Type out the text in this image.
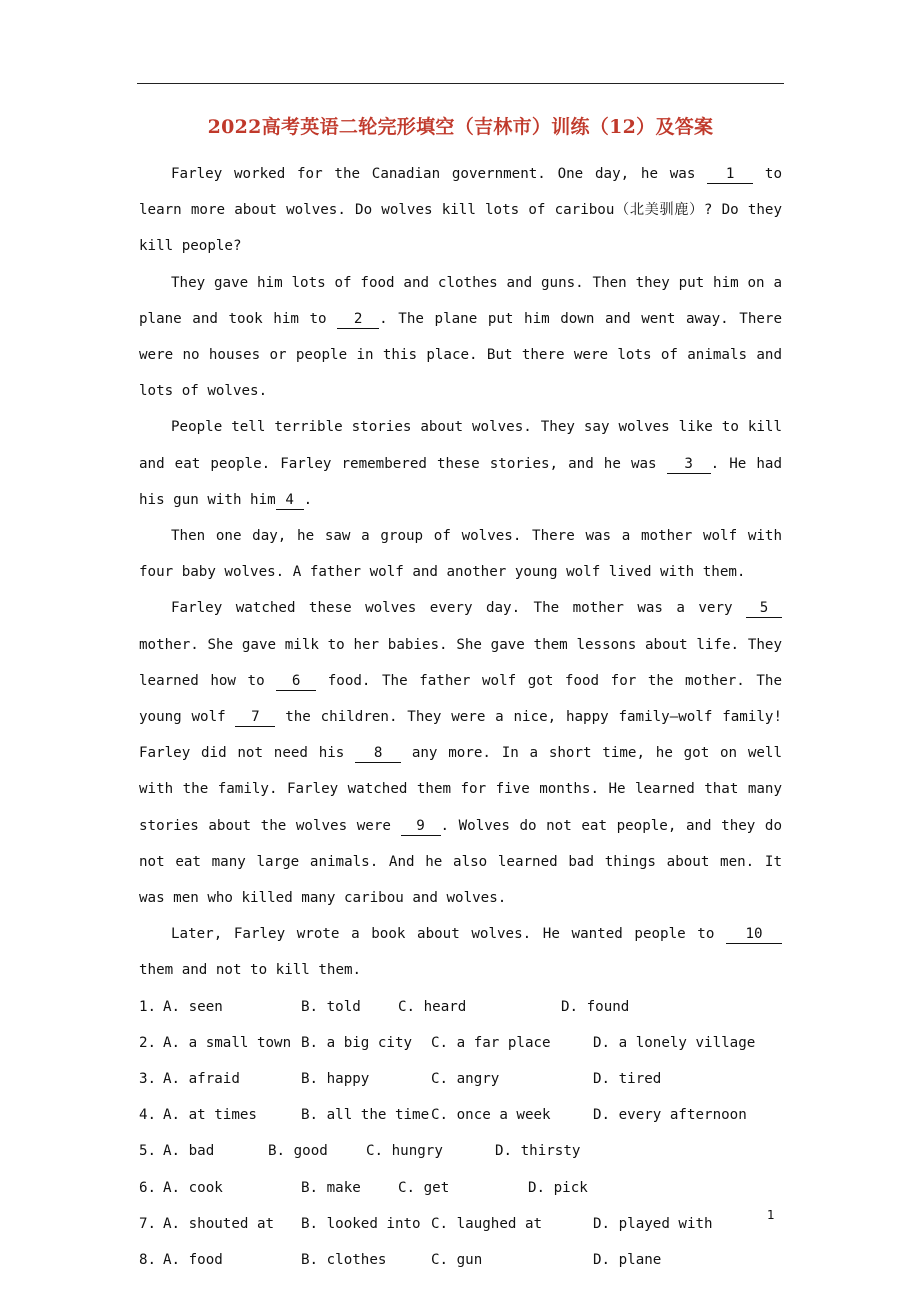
2022高考英语二轮完形填空（吉林市）训练（12）及答案

Farley worked for the Canadian government. One day, he was 1 to learn more about wolves. Do wolves kill lots of caribou（北美驯鹿）? Do they kill people?

They gave him lots of food and clothes and guns. Then they put him on a plane and took him to 2 . The plane put him down and went away. There were no houses or people in this place. But there were lots of animals and lots of wolves.

People tell terrible stories about wolves. They say wolves like to kill and eat people. Farley remembered these stories, and he was 3 . He had his gun with him 4 .

Then one day, he saw a group of wolves. There was a mother wolf with four baby wolves. A father wolf and another young wolf lived with them.

Farley watched these wolves every day. The mother was a very 5 mother. She gave milk to her babies. She gave them lessons about life. They learned how to 6 food. The father wolf got food for the mother. The young wolf 7 the children. They were a nice, happy family—wolf family! Farley did not need his 8 any more. In a short time, he got on well with the family. Farley watched them for five months. He learned that many stories about the wolves were 9 . Wolves do not eat people, and they do not eat many large animals. And he also learned bad things about men. It was men who killed many caribou and wolves.

Later, Farley wrote a book about wolves. He wanted people to 10them and not to kill them.

1. A. seen	B. told	C. heard	D. found
2. A. a small town B. a big city C. a far place	D. a lonely village
3. A. afraid	B. happy	C. angry	D. tired
4. A. at times	B. all the time C. once a week	D. every afternoon
5. A. bad	B. good	C. hungry	D. thirsty
6. A. cook	B. make	C. get	D. pick
7. A. shouted at B. looked into C. laughed at	D. played with
8. A. food	B. clothes	C. gun	D. plane
1
